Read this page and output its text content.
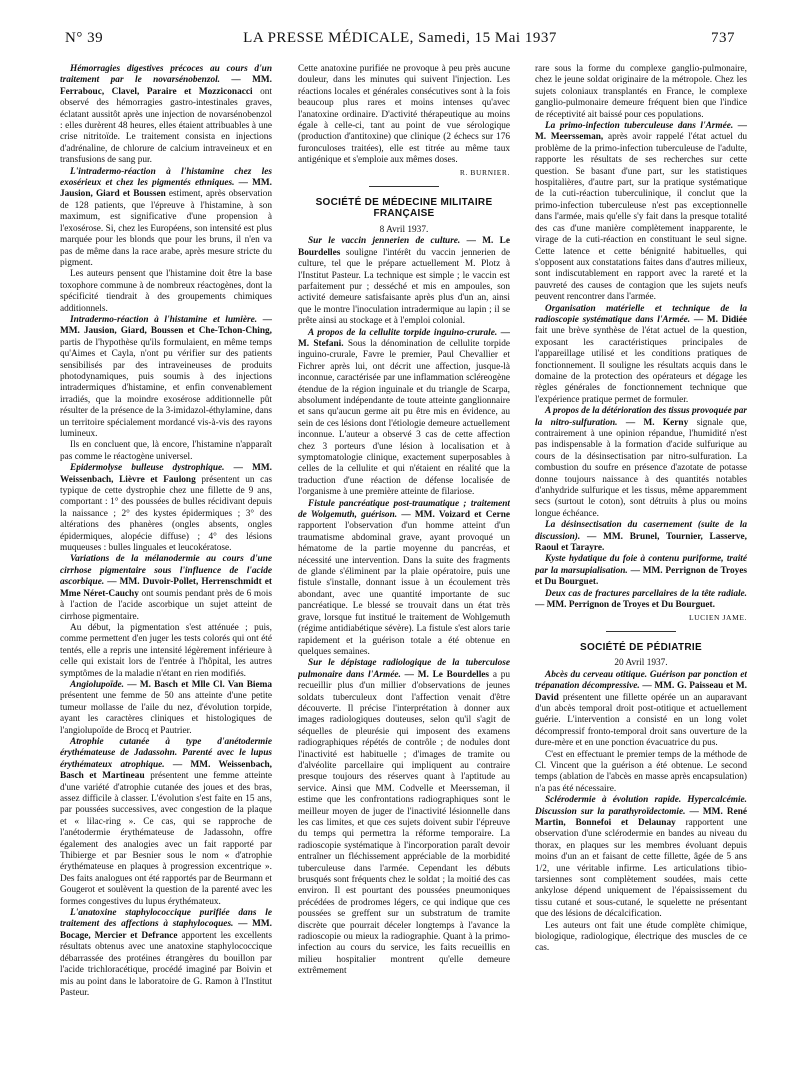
N° 39	LA PRESSE MÉDICALE, Samedi, 15 Mai 1937	737

Hémorragies digestives précoces au cours d'un traitement par le novarsénobenzol. — MM. Ferrabouc, Clavel, Paraire et Mozziconacci ont observé des hémorragies gastro-intestinales graves, éclatant aussitôt après une injection de novarsénobenzol : elles durèrent 48 heures, elles étaient attribuables à une crise nitritoïde. Le traitement consista en injections d'adrénaline, de chlorure de calcium intraveineux et en transfusions de sang pur.

L'intradermo-réaction à l'histamine chez les exosérieux et chez les pigmentés ethniques. — MM. Jausion, Giard et Boussen estiment, après observation de 128 patients, que l'épreuve à l'histamine, à son maximum, est significative d'une propension à l'exosérose. Si, chez les Européens, son intensité est plus marquée pour les blonds que pour les bruns, il n'en va pas de même dans la race arabe, après mesure stricte du pigment.

Les auteurs pensent que l'histamine doit être la base toxophore commune à de nombreux réactogènes, dont la spécificité tiendrait à des groupements chimiques additionnels.

Intradermo-réaction à l'histamine et lumière. — MM. Jausion, Giard, Boussen et Che-Tchon-Ching, partis de l'hypothèse qu'ils formulaient, en même temps qu'Aimes et Cayla, n'ont pu vérifier sur des patients sensibilisés par des intraveineuses de produits photodynamiques, puis soumis à des injections intradermiques d'histamine, et enfin convenablement irradiés, que la moindre exosérose additionnelle pût résulter de la présence de la 3-imidazol-éthylamine, dans un territoire spécialement mordancé vis-à-vis des rayons lumineux.

Ils en concluent que, là encore, l'histamine n'apparaît pas comme le réactogène universel.

Epidermolyse bulleuse dystrophique. — MM. Weissenbach, Lièvre et Faulong présentent un cas typique de cette dystrophie chez une fillette de 9 ans, comportant : 1° des poussées de bulles récidivant depuis la naissance ; 2° des kystes épidermiques ; 3° des altérations des phanères (ongles absents, ongles épidermiques, alopécie diffuse) ; 4° des lésions muqueuses : bulles linguales et leucokératose.

Variations de la mélanodermie au cours d'une cirrhose pigmentaire sous l'influence de l'acide ascorbique. — MM. Duvoir-Pollet, Herrenschmidt et Mme Néret-Cauchy ont soumis pendant près de 6 mois à l'action de l'acide ascorbique un sujet atteint de cirrhose pigmentaire.

Au début, la pigmentation s'est atténuée ; puis, comme permettent d'en juger les tests colorés qui ont été tentés, elle a repris une intensité légèrement inférieure à celle qui existait lors de l'entrée à l'hôpital, les autres symptômes de la maladie n'étant en rien modifiés.

Angiolupoïde. — M. Basch et Mlle Cl. Van Biema présentent une femme de 50 ans atteinte d'une petite tumeur mollasse de l'aile du nez, d'évolution torpide, ayant les caractères cliniques et histologiques de l'angiolupoïde de Brocq et Pautrier.

Atrophie cutanée à type d'anétodermie érythémateuse de Jadassohn. Parenté avec le lupus érythémateux atrophique. — MM. Weissenbach, Basch et Martineau présentent une femme atteinte d'une variété d'atrophie cutanée des joues et des bras, assez difficile à classer. L'évolution s'est faite en 15 ans, par poussées successives, avec congestion de la plaque et « lilac-ring ». Ce cas, qui se rapproche de l'anétodermie érythémateuse de Jadassohn, offre également des analogies avec un fait rapporté par Thibierge et par Besnier sous le nom « d'atrophie érythémateuse en plaques à progression excentrique ». Des faits analogues ont été rapportés par de Beurmann et Gougerot et soulèvent la question de la parenté avec les formes congestives du lupus érythémateux.

L'anatoxine staphylococcique purifiée dans le traitement des affections à staphylocoques. — MM. Bocage, Mercier et Defrance apportent les excellents résultats obtenus avec une anatoxine staphylococcique débarrassée des protéines étrangères du bouillon par l'acide trichloracétique, procédé imaginé par Boivin et mis au point dans le laboratoire de G. Ramon à l'Institut Pasteur.

Cette anatoxine purifiée ne provoque à peu près aucune douleur, dans les minutes qui suivent l'injection. Les réactions locales et générales consécutives sont à la fois beaucoup plus rares et moins intenses qu'avec l'anatoxine ordinaire. D'activité thérapeutique au moins égale à celle-ci, tant au point de vue sérologique (production d'antitoxine) que clinique (2 échecs sur 176 furonculoses traitées), elle est titrée au même taux antigénique et s'emploie aux mêmes doses.

R. BURNIER.

SOCIÉTÉ DE MÉDECINE MILITAIRE FRANÇAISE

8 Avril 1937.

Sur le vaccin jennerien de culture. — M. Le Bourdelles souligne l'intérêt du vaccin jennerien de culture, tel que le prépare actuellement M. Plotz à l'Institut Pasteur. La technique est simple ; le vaccin est parfaitement pur ; desséché et mis en ampoules, son activité demeure satisfaisante après plus d'un an, ainsi que le montre l'inoculation intradermique au lapin ; il se prête ainsi au stockage et à l'emploi colonial.

A propos de la cellulite torpide inguino-crurale. — M. Stefani. Sous la dénomination de cellulite torpide inguino-crurale, Favre le premier, Paul Chevallier et Fichrer après lui, ont décrit une affection, jusque-là inconnue, caractérisée par une inflammation scléreogène étendue de la région inguinale et du triangle de Scarpa, absolument indépendante de toute atteinte ganglionnaire et sans qu'aucun germe ait pu être mis en évidence, au sein de ces lésions dont l'étiologie demeure actuellement inconnue. L'auteur a observé 3 cas de cette affection chez 3 porteurs d'une lésion à localisation et à symptomatologie clinique, exactement superposables à celles de la cellulite et qui n'étaient en réalité que la traduction d'une réaction de défense localisée de l'organisme à une première atteinte de filariose.

Fistule pancréatique post-traumatique ; traitement de Wolgemuth, guérison. — MM. Voizard et Cerne rapportent l'observation d'un homme atteint d'un traumatisme abdominal grave, ayant provoqué un hématome de la partie moyenne du pancréas, et nécessité une intervention. Dans la suite des fragments de glande s'éliminent par la plaie opératoire, puis une fistule s'installe, donnant issue à un écoulement très abondant, avec une quantité importante de suc pancréatique. Le blessé se trouvait dans un état très grave, lorsque fut institué le traitement de Wohlgemuth (régime antidiabétique sévère). La fistule s'est alors tarie rapidement et la guérison totale a été obtenue en quelques semaines.

Sur le dépistage radiologique de la tuberculose pulmonaire dans l'Armée. — M. Le Bourdelles a pu recueillir plus d'un millier d'observations de jeunes soldats tuberculeux dont l'affection venait d'être découverte. Il précise l'interprétation à donner aux images radiologiques douteuses, selon qu'il s'agit de séquelles de pleurésie qui imposent des examens radiographiques répétés de contrôle ; de nodules dont l'inactivité est habituelle ; d'images de tramite ou d'alvéolite parcellaire qui impliquent au contraire presque toujours des réserves quant à l'aptitude au service. Ainsi que MM. Codvelle et Meersseman, il estime que les confrontations radiographiques sont le meilleur moyen de juger de l'inactivité lésionnelle dans les cas limites, et que ces sujets doivent subir l'épreuve du temps qui permettra la réforme temporaire. La radioscopie systématique à l'incorporation paraît devoir entraîner un fléchissement appréciable de la morbidité tuberculeuse dans l'armée. Cependant les débuts brusqués sont fréquents chez le soldat ; la moitié des cas environ. Il est pourtant des poussées pneumoniques précédées de prodromes légers, ce qui indique que ces poussées se greffent sur un substratum de tramite discrète que pourrait déceler longtemps à l'avance la radioscopie ou mieux la radiographie. Quant à la primo-infection au cours du service, les faits recueillis en milieu hospitalier montrent qu'elle demeure extrêmement

rare sous la forme du complexe ganglio-pulmonaire, chez le jeune soldat originaire de la métropole. Chez les sujets coloniaux transplantés en France, le complexe ganglio-pulmonaire demeure fréquent bien que l'indice de réceptivité ait baissé pour ces populations.

La primo-infection tuberculeuse dans l'Armée. — M. Meersseman, après avoir rappelé l'état actuel du problème de la primo-infection tuberculeuse de l'adulte, rapporte les résultats de ses recherches sur cette question. Se basant d'une part, sur les statistiques hospitalières, d'autre part, sur la pratique systématique de la cuti-réaction tuberculinique, il conclut que la primo-infection tuberculeuse n'est pas exceptionnelle dans l'armée, mais qu'elle s'y fait dans la presque totalité des cas d'une manière complètement inapparente, le virage de la cuti-réaction en constituant le seul signe. Cette latence et cette bénignité habituelles, qui s'opposent aux constatations faites dans d'autres milieux, sont indiscutablement en rapport avec la rareté et la pauvreté des causes de contagion que les sujets neufs peuvent rencontrer dans l'armée.

Organisation matérielle et technique de la radioscopie systématique dans l'Armée. — M. Didiée fait une brève synthèse de l'état actuel de la question, exposant les caractéristiques principales de l'appareillage utilisé et les conditions pratiques de fonctionnement. Il souligne les résultats acquis dans le domaine de la protection des opérateurs et dégage les règles générales de fonctionnement technique que l'expérience pratique permet de formuler.

A propos de la détérioration des tissus provoquée par la nitro-sulfuration. — M. Kerny signale que, contrairement à une opinion répandue, l'humidité n'est pas indispensable à la formation d'acide sulfurique au cours de la désinsectisation par nitro-sulfuration. La combustion du soufre en présence d'azotate de potasse donne toujours naissance à des quantités notables d'anhydride sulfurique et les tissus, même apparemment secs (surtout le coton), sont détruits à plus ou moins longue échéance.

La désinsectisation du casernement (suite de la discussion). — MM. Brunel, Tournier, Lasserve, Raoul et Tarayre.

Kyste hydatique du foie à contenu puriforme, traité par la marsupialisation. — MM. Perrignon de Troyes et Du Bourguet.

Deux cas de fractures parcellaires de la tête radiale. — MM. Perrignon de Troyes et Du Bourguet.

LUCIEN JAME.

SOCIÉTÉ DE PÉDIATRIE

20 Avril 1937.

Abcès du cerveau otitique. Guérison par ponction et trépanation décompressive. — MM. G. Paisseau et M. David présentent une fillette opérée un an auparavant d'un abcès temporal droit post-otitique et actuellement guérie. L'intervention a consisté en un long volet décompressif fronto-temporal droit sans ouverture de la dure-mère et en une ponction évacuatrice du pus.

C'est en effectuant le premier temps de la méthode de Cl. Vincent que la guérison a été obtenue. Le second temps (ablation de l'abcès en masse après encapsulation) n'a pas été nécessaire.

Sclérodermie à évolution rapide. Hypercalcémie. Discussion sur la parathyroïdectomie. — MM. René Martin, Bonnefoi et Delaunay rapportent une observation d'une sclérodermie en bandes au niveau du thorax, en plaques sur les membres évoluant depuis moins d'un an et faisant de cette fillette, âgée de 5 ans 1/2, une véritable infirme. Les articulations tibio-tarsiennes sont complètement soudées, mais cette ankylose dépend uniquement de l'épaississement du tissu cutané et sous-cutané, le squelette ne présentant que des lésions de décalcification.

Les auteurs ont fait une étude complète chimique, biologique, radiologique, électrique des muscles de ce cas.
